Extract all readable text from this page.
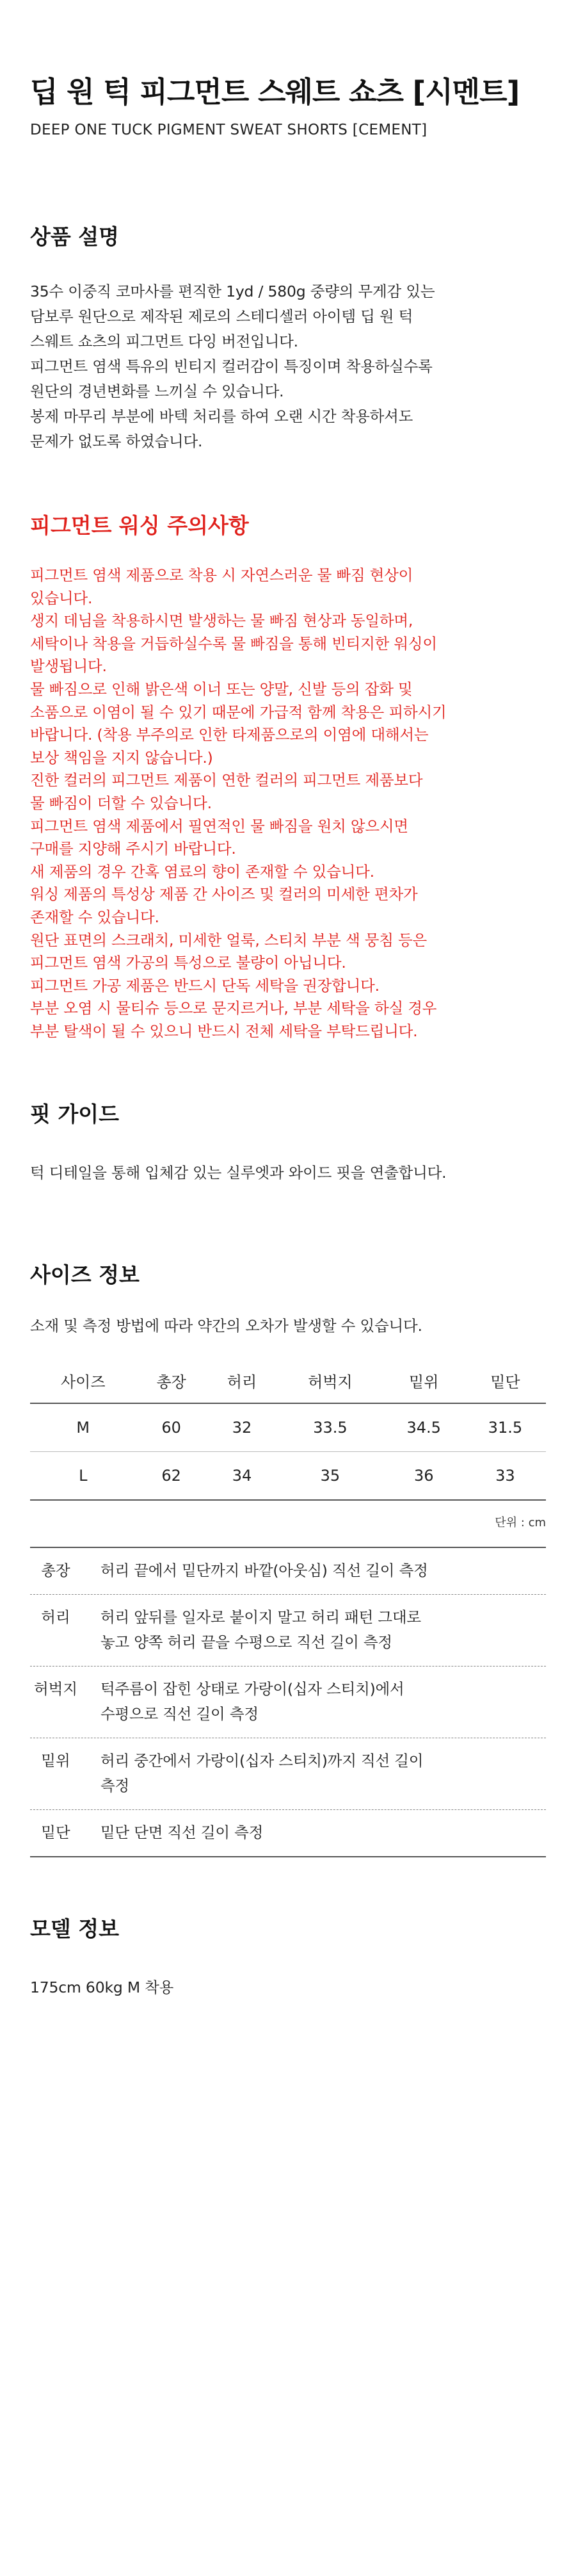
딥 원 턱 피그먼트 스웨트 쇼츠 [시멘트]
DEEP ONE TUCK PIGMENT SWEAT SHORTS [CEMENT]
상품 설명
35수 이중직 코마사를 편직한 1yd / 580g 중량의 무게감 있는
담보루 원단으로 제작된 제로의 스테디셀러 아이템 딥 원 턱
스웨트 쇼츠의 피그먼트 다잉 버전입니다.
피그먼트 염색 특유의 빈티지 컬러감이 특징이며 착용하실수록
원단의 경년변화를 느끼실 수 있습니다.
봉제 마무리 부분에 바텍 처리를 하여 오랜 시간 착용하셔도
문제가 없도록 하였습니다.
피그먼트 워싱 주의사항
피그먼트 염색 제품으로 착용 시 자연스러운 물 빠짐 현상이
있습니다.
생지 데님을 착용하시면 발생하는 물 빠짐 현상과 동일하며,
세탁이나 착용을 거듭하실수록 물 빠짐을 통해 빈티지한 워싱이
발생됩니다.
물 빠짐으로 인해 밝은색 이너 또는 양말, 신발 등의 잡화 및
소품으로 이염이 될 수 있기 때문에 가급적 함께 착용은 피하시기
바랍니다. (착용 부주의로 인한 타제품으로의 이염에 대해서는
보상 책임을 지지 않습니다.)
진한 컬러의 피그먼트 제품이 연한 컬러의 피그먼트 제품보다
물 빠짐이 더할 수 있습니다.
피그먼트 염색 제품에서 필연적인 물 빠짐을 원치 않으시면
구매를 지양해 주시기 바랍니다.
새 제품의 경우 간혹 염료의 향이 존재할 수 있습니다.
워싱 제품의 특성상 제품 간 사이즈 및 컬러의 미세한 편차가
존재할 수 있습니다.
원단 표면의 스크래치, 미세한 얼룩, 스티치 부분 색 뭉침 등은
피그먼트 염색 가공의 특성으로 불량이 아닙니다.
피그먼트 가공 제품은 반드시 단독 세탁을 권장합니다.
부분 오염 시 물티슈 등으로 문지르거나, 부분 세탁을 하실 경우
부분 탈색이 될 수 있으니 반드시 전체 세탁을 부탁드립니다.
핏 가이드
턱 디테일을 통해 입체감 있는 실루엣과 와이드 핏을 연출합니다.
사이즈 정보
소재 및 측정 방법에 따라 약간의 오차가 발생할 수 있습니다.
사이즈	총장	허리	허벅지	밑위	밑단
M	60	32	33.5	34.5	31.5
L	62	34	35	36	33
단위 : cm
총장	허리 끝에서 밑단까지 바깥(아웃심) 직선 길이 측정
허리	허리 앞뒤를 일자로 붙이지 말고 허리 패턴 그대로
놓고 양쪽 허리 끝을 수평으로 직선 길이 측정
허벅지	턱주름이 잡힌 상태로 가랑이(십자 스티치)에서
수평으로 직선 길이 측정
밑위	허리 중간에서 가랑이(십자 스티치)까지 직선 길이
측정
밑단	밑단 단면 직선 길이 측정
모델 정보
175cm 60kg M 착용
